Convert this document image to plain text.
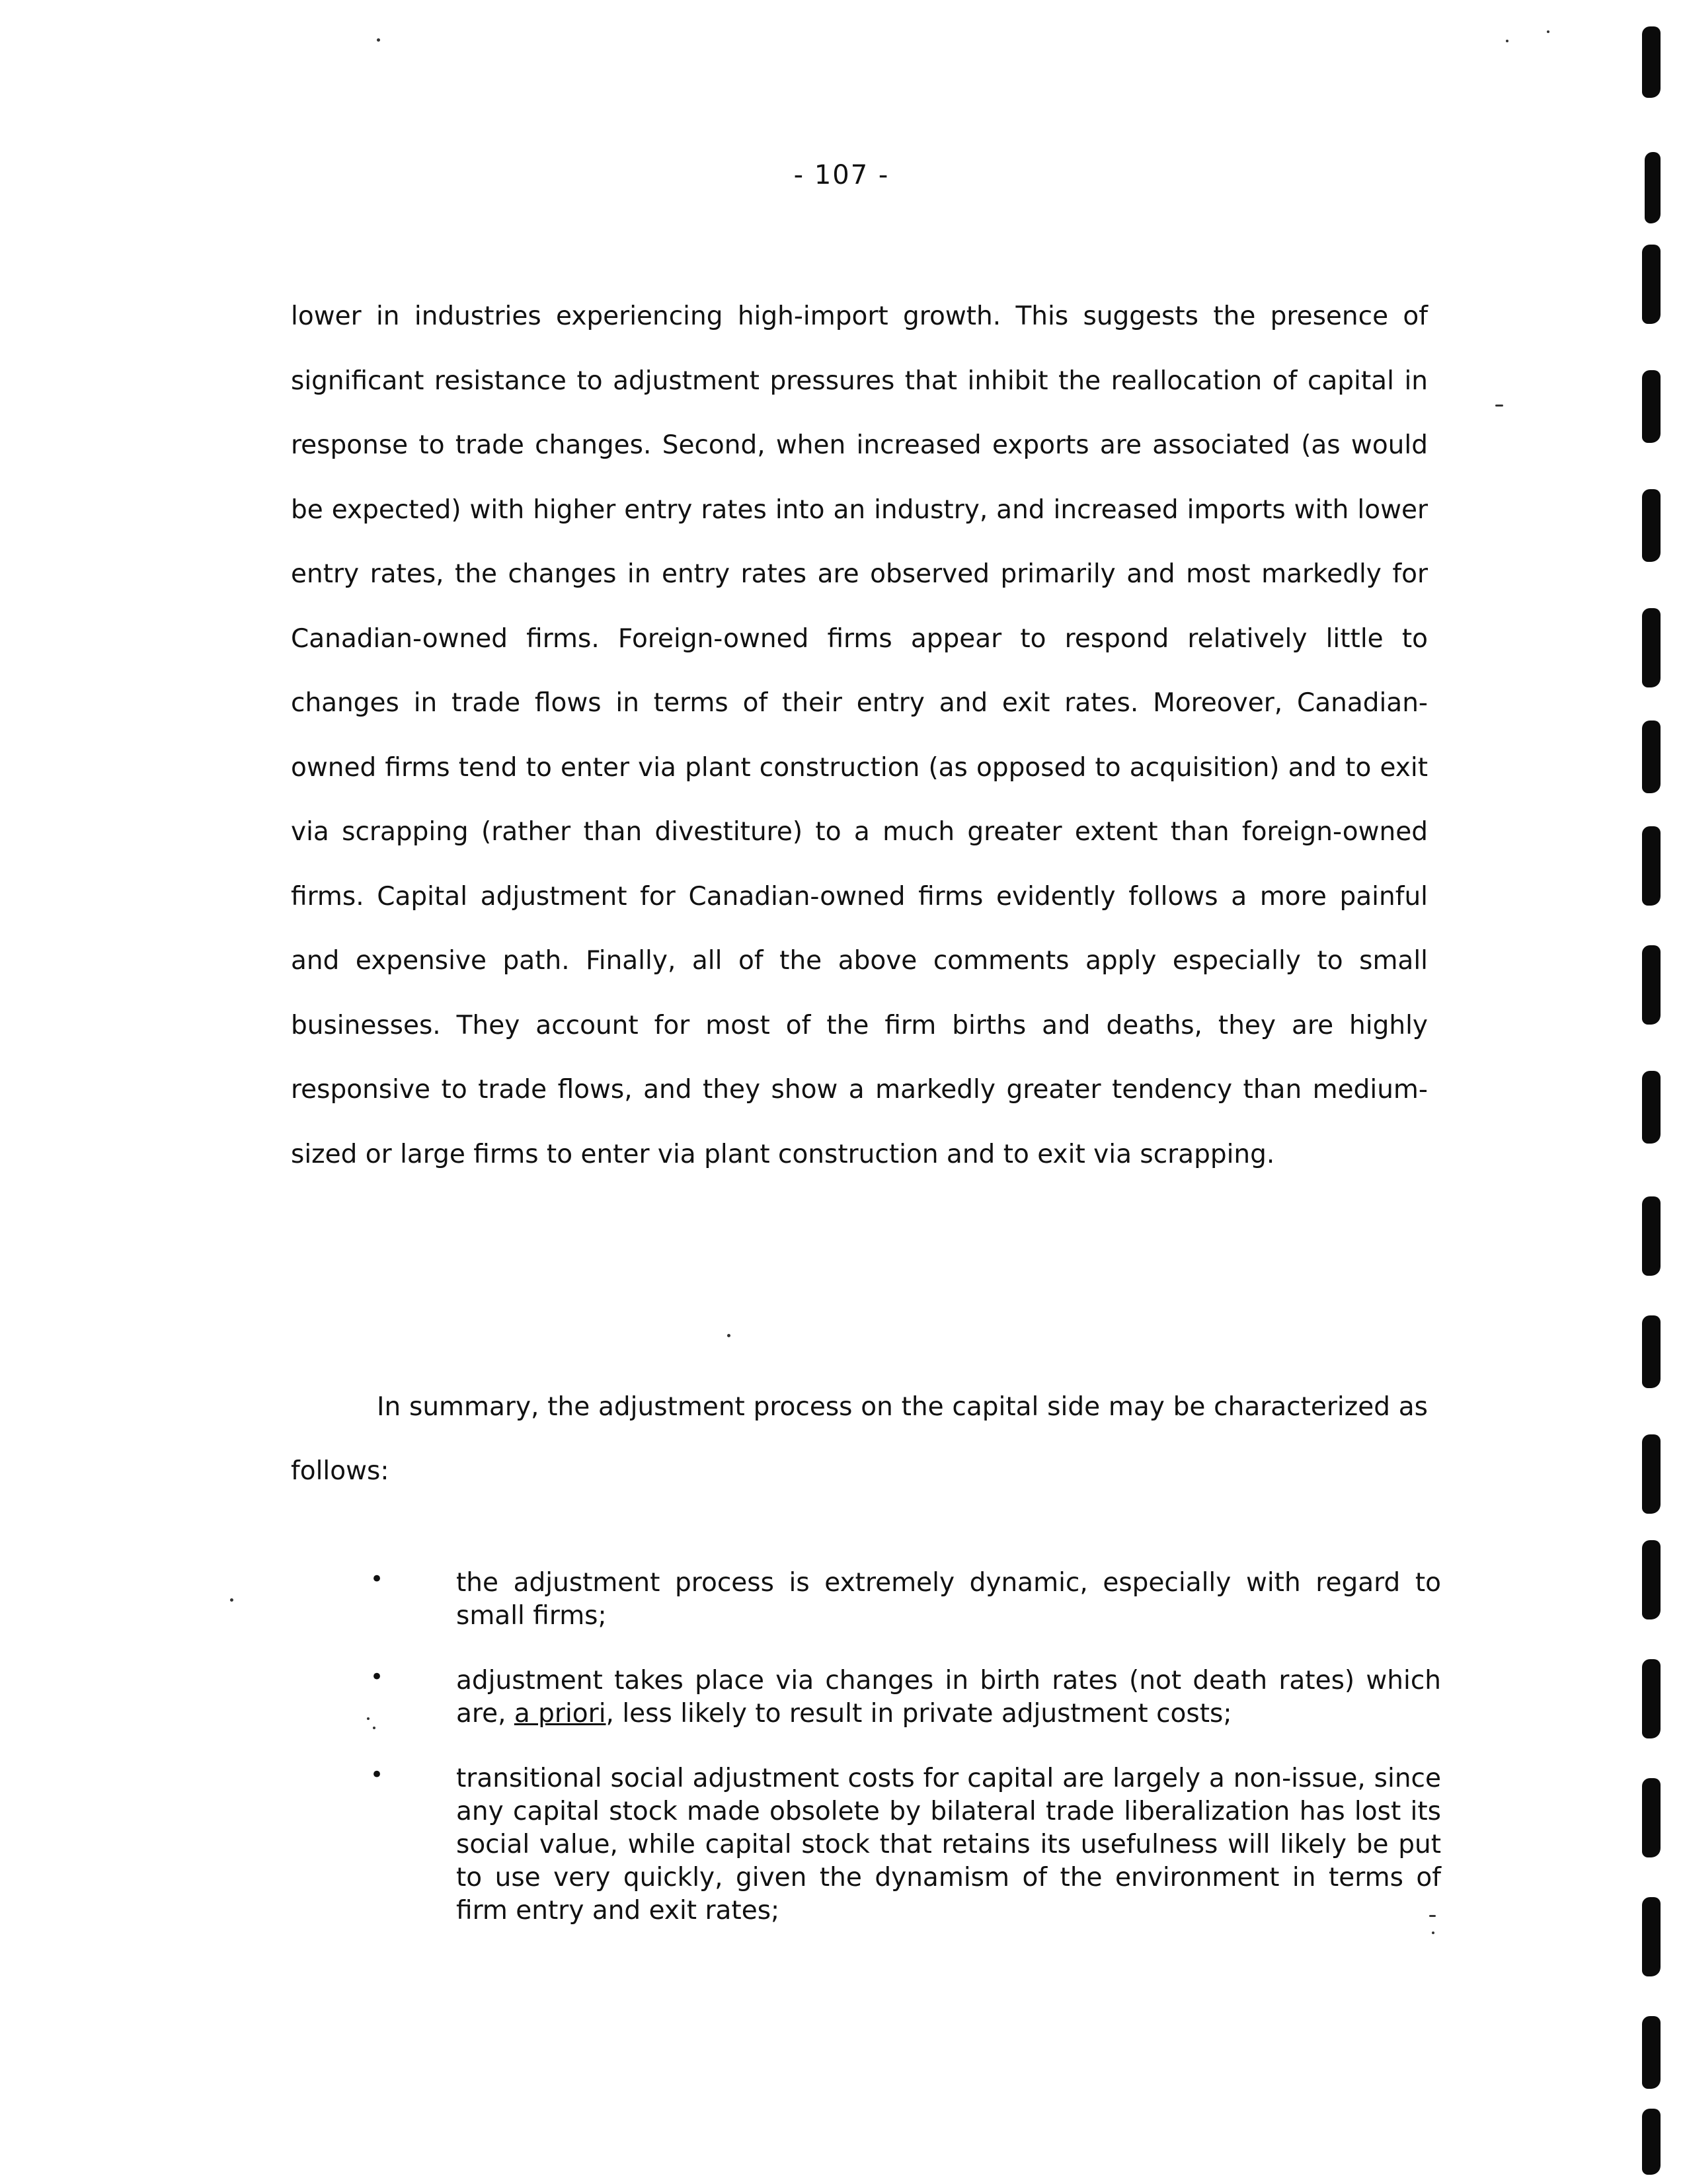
- 107 -

lower in industries experiencing high-import growth. This suggests the presence of significant resistance to adjustment pressures that inhibit the reallocation of capital in response to trade changes. Second, when increased exports are associated (as would be expected) with higher entry rates into an industry, and increased imports with lower entry rates, the changes in entry rates are observed primarily and most markedly for Canadian-owned firms. Foreign-owned firms appear to respond relatively little to changes in trade flows in terms of their entry and exit rates. Moreover, Canadian-owned firms tend to enter via plant construction (as opposed to acquisition) and to exit via scrapping (rather than divestiture) to a much greater extent than foreign-owned firms. Capital adjustment for Canadian-owned firms evidently follows a more painful and expensive path. Finally, all of the above comments apply especially to small businesses. They account for most of the firm births and deaths, they are highly responsive to trade flows, and they show a markedly greater tendency than medium-sized or large firms to enter via plant construction and to exit via scrapping.

In summary, the adjustment process on the capital side may be characterized as follows:

•	the adjustment process is extremely dynamic, especially with regard to small firms;
•	adjustment takes place via changes in birth rates (not death rates) which are, a priori, less likely to result in private adjustment costs;
•	transitional social adjustment costs for capital are largely a non-issue, since any capital stock made obsolete by bilateral trade liberalization has lost its social value, while capital stock that retains its usefulness will likely be put to use very quickly, given the dynamism of the environment in terms of firm entry and exit rates;
